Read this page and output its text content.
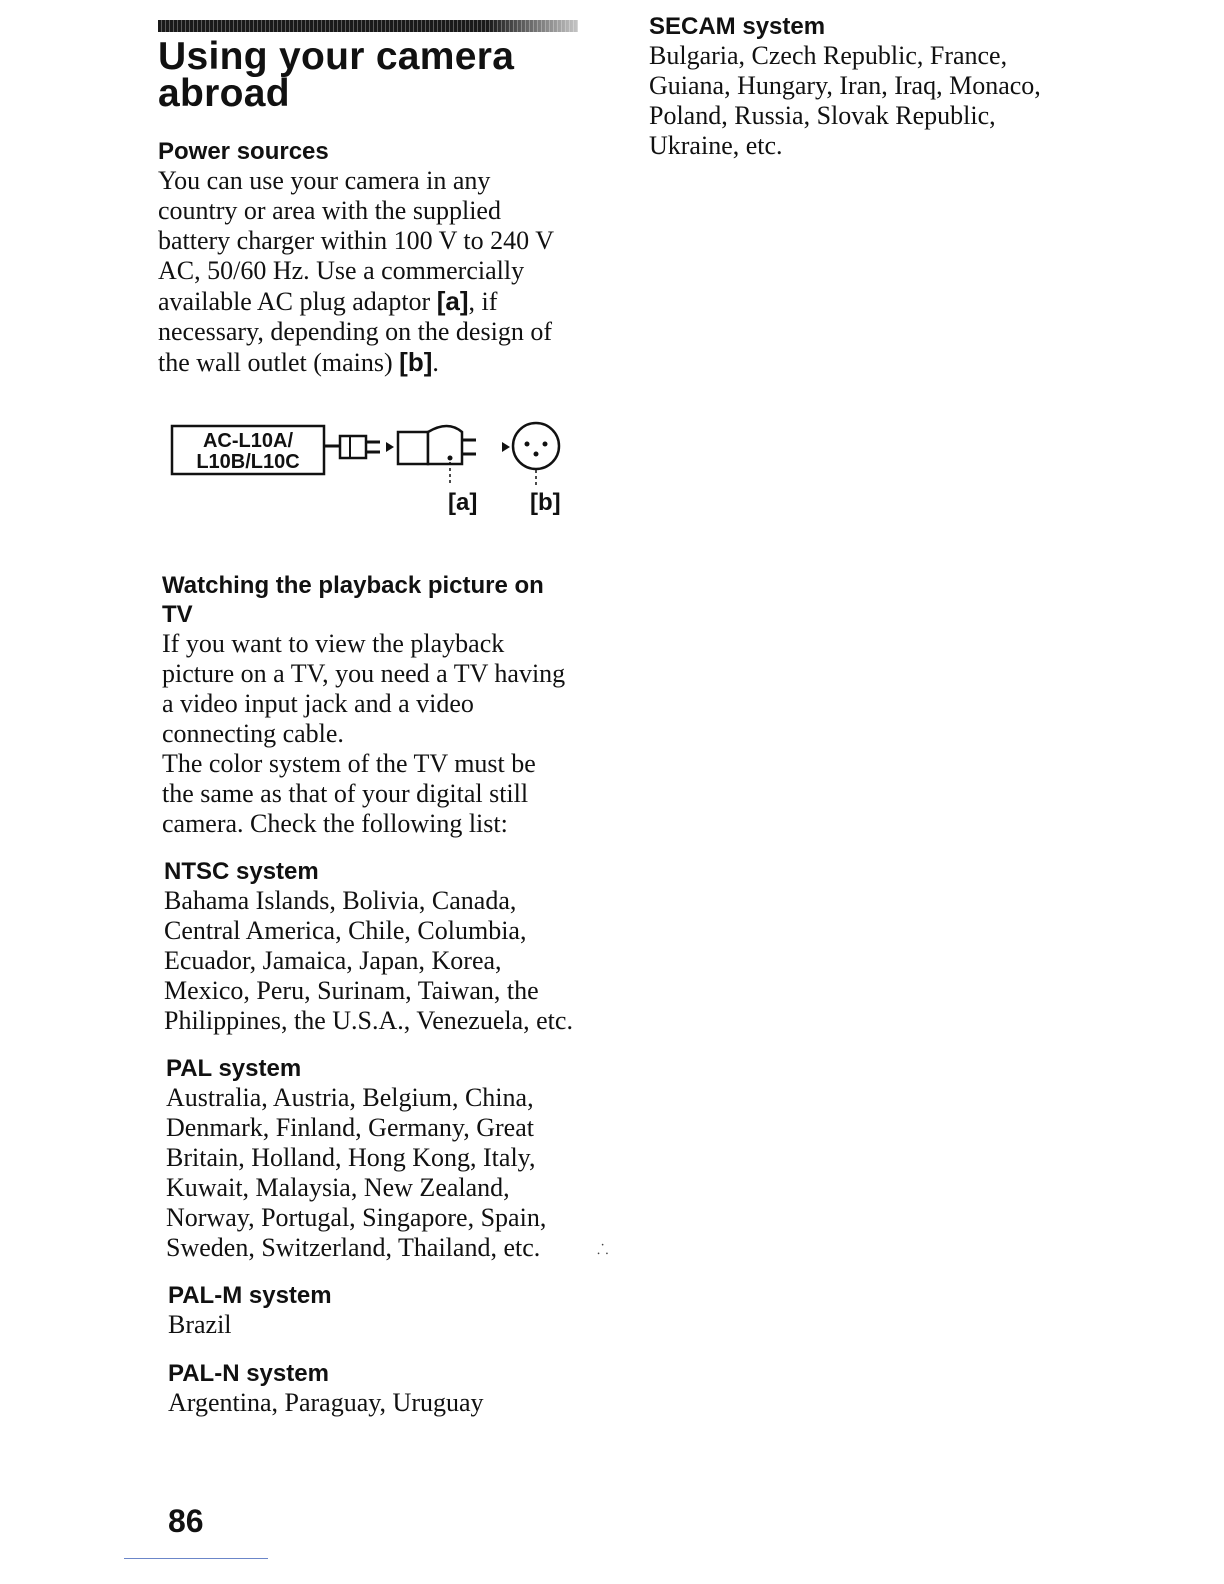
Using your camera abroad
Power sources

You can use your camera in any country or area with the supplied battery charger within 100 V to 240 V AC, 50/60 Hz. Use a commercially available AC plug adaptor [a], if necessary, depending on the design of the wall outlet (mains) [b].

AC-L10A/
L10B/L10C
[a] [b]
Watching the playback picture on TV

If you want to view the playback picture on a TV, you need a TV having a video input jack and a video connecting cable.

The color system of the TV must be the same as that of your digital still camera. Check the following list:

NTSC system

Bahama Islands, Bolivia, Canada, Central America, Chile, Columbia, Ecuador, Jamaica, Japan, Korea, Mexico, Peru, Surinam, Taiwan, the Philippines, the U.S.A., Venezuela, etc.

PAL system

Australia, Austria, Belgium, China, Denmark, Finland, Germany, Great Britain, Holland, Hong Kong, Italy, Kuwait, Malaysia, New Zealand, Norway, Portugal, Singapore, Spain, Sweden, Switzerland, Thailand, etc.	⸫
PAL-M system

Brazil

PAL-N system

Argentina, Paraguay, Uruguay

SECAM system

Bulgaria, Czech Republic, France, Guiana, Hungary, Iran, Iraq, Monaco, Poland, Russia, Slovak Republic, Ukraine, etc.

86
